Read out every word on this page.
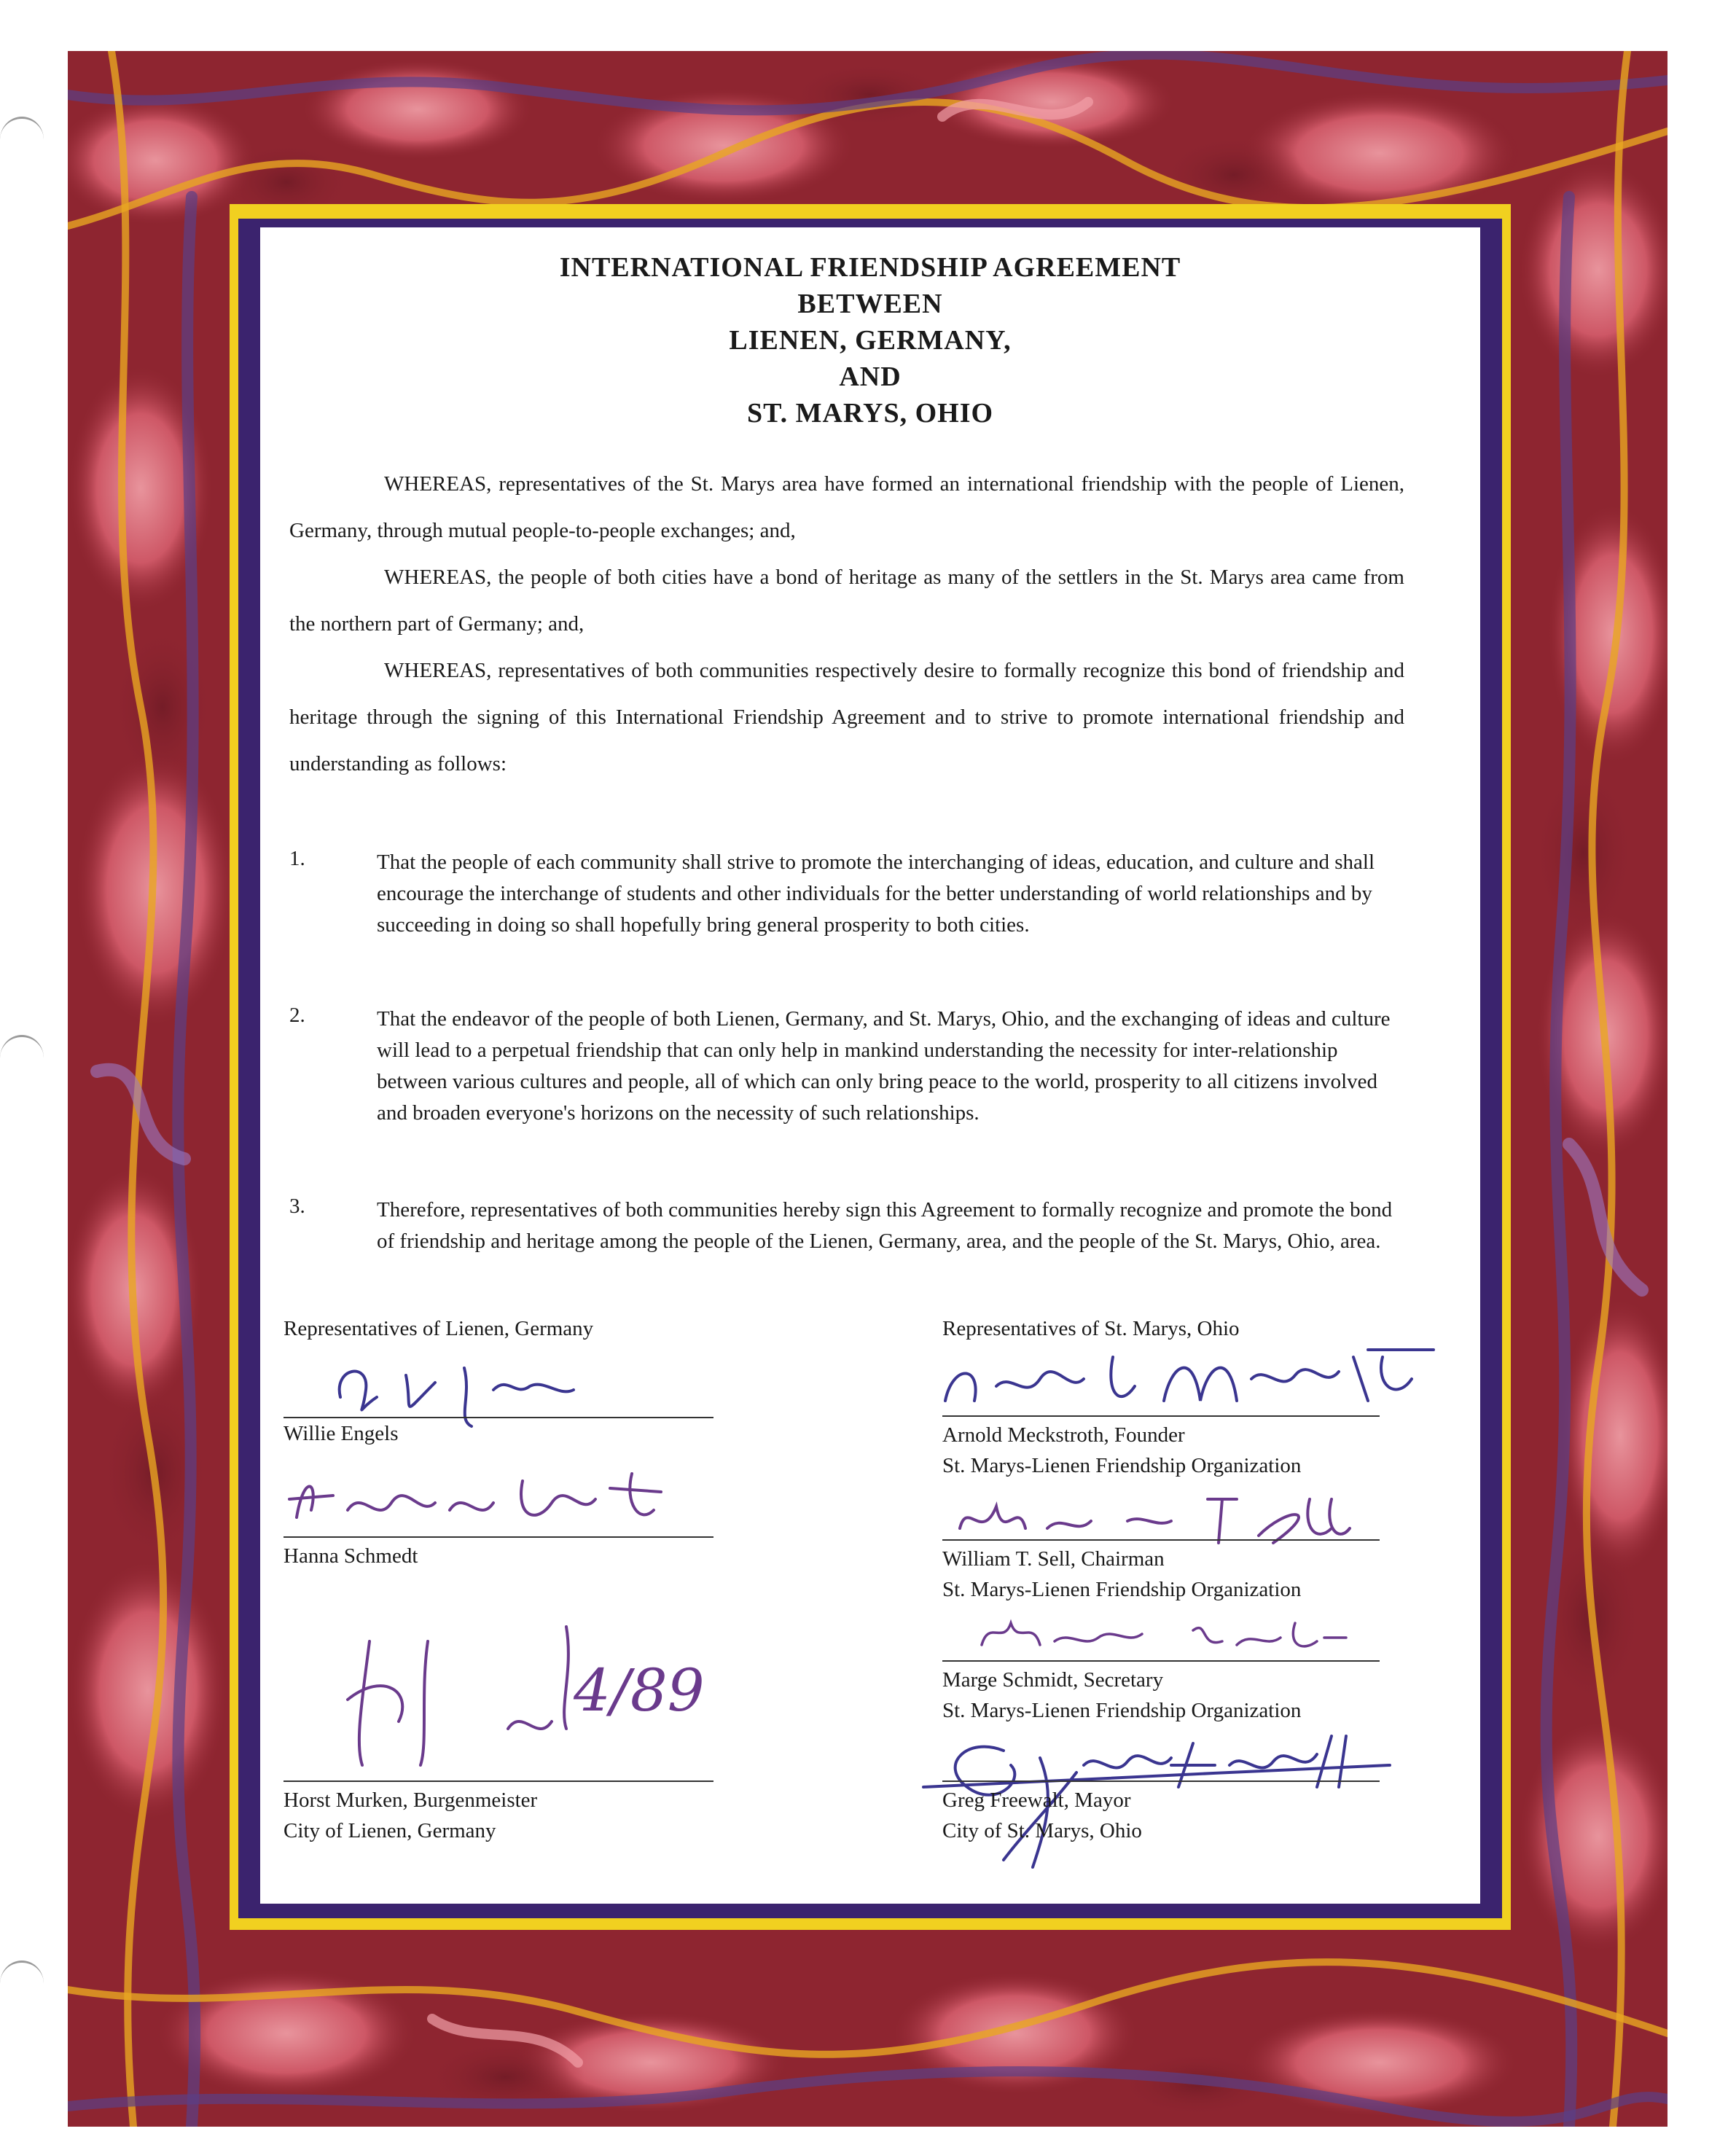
INTERNATIONAL FRIENDSHIP AGREEMENT
BETWEEN
LIENEN, GERMANY,
AND
ST. MARYS, OHIO
WHEREAS, representatives of the St. Marys area have formed an international friendship with the people of Lienen, Germany, through mutual people-to-people exchanges; and,
WHEREAS, the people of both cities have a bond of heritage as many of the settlers in the St. Marys area came from the northern part of Germany; and,
WHEREAS, representatives of both communities respectively desire to formally recognize this bond of friendship and heritage through the signing of this International Friendship Agreement and to strive to promote international friendship and understanding as follows:
1.	That the people of each community shall strive to promote the interchanging of ideas, education, and culture and shall encourage the interchange of students and other individuals for the better understanding of world relationships and by succeeding in doing so shall hopefully bring general prosperity to both cities.
2.	That the endeavor of the people of both Lienen, Germany, and St. Marys, Ohio, and the exchanging of ideas and culture will lead to a perpetual friendship that can only help in mankind understanding the necessity for inter-relationship between various cultures and people, all of which can only bring peace to the world, prosperity to all citizens involved and broaden everyone's horizons on the necessity of such relationships.
3.	Therefore, representatives of both communities hereby sign this Agreement to formally recognize and promote the bond of friendship and heritage among the people of the Lienen, Germany, area, and the people of the St. Marys, Ohio, area.
Representatives of Lienen, Germany
Willie Engels
Hanna Schmedt
4/89
Horst Murken, Burgenmeister
City of Lienen, Germany
Representatives of St. Marys, Ohio
Arnold Meckstroth, Founder
St. Marys-Lienen Friendship Organization
William T. Sell, Chairman
St. Marys-Lienen Friendship Organization
Marge Schmidt, Secretary
St. Marys-Lienen Friendship Organization
Greg Freewalt, Mayor
City of St. Marys, Ohio
